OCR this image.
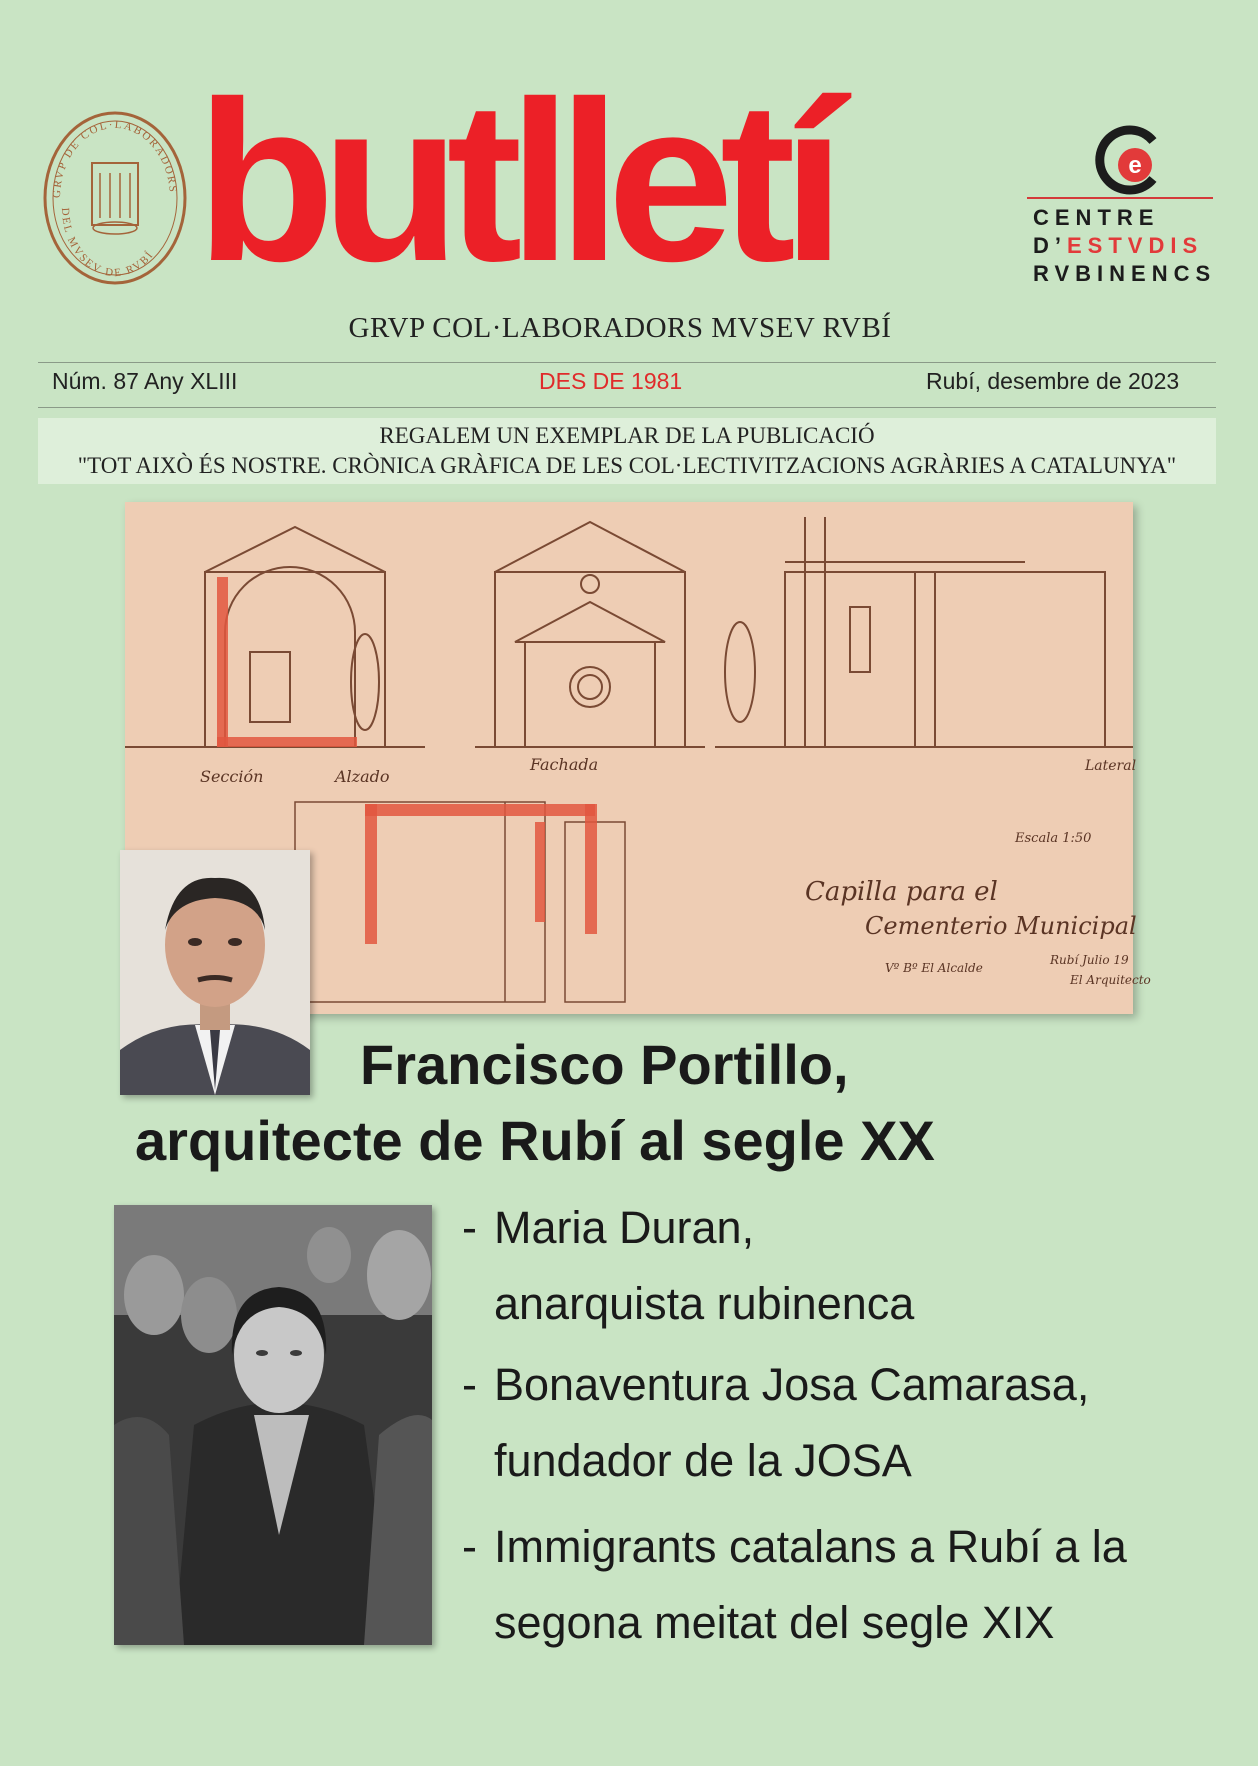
GRVP DE COL·LABORADORS
DEL MVSEV DE RVBÍ butlletí	e
CENTRE
D’ESTVDIS
RVBINENCS
GRVP COL·LABORADORS MVSEV RVBÍ
Núm. 87 Any XLIII	DES DE 1981	Rubí, desembre de 2023
REGALEM UN EXEMPLAR DE LA PUBLICACIÓ
"TOT AIXÒ ÉS NOSTRE. CRÒNICA GRÀFICA DE LES COL·LECTIVITZACIONS AGRÀRIES A CATALUNYA"
Sección	Alzado
Fachada	Lateral
Escala 1:50
Capilla para el
Cementerio Municipal
Vº Bº El Alcalde
Rubí Julio 19
El Arquitecto
Francisco Portillo,
arquitecte de Rubí al segle XX
- Maria Duran,
anarquista rubinenca
- Bonaventura Josa Camarasa,
fundador de la JOSA
- Immigrants catalans a Rubí a la
segona meitat del segle XIX
